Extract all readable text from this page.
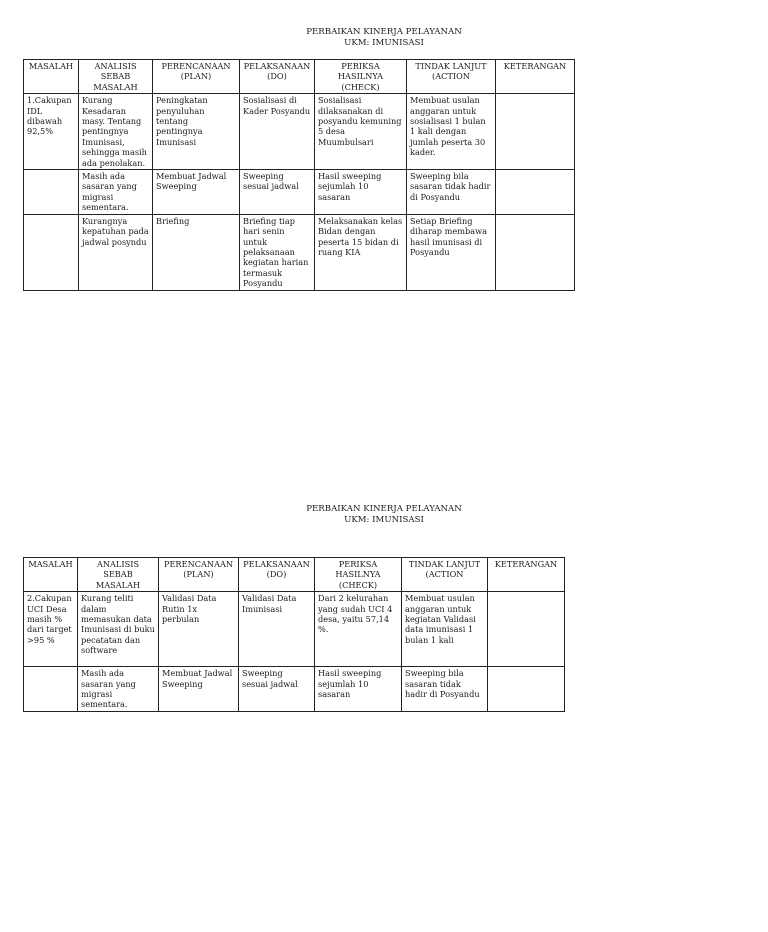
PERBAIKAN KINERJA PELAYANAN
UKM: IMUNISASI
MASALAH	ANALISIS SEBAB MASALAH	PERENCANAAN (PLAN)	PELAKSANAAN (DO)	PERIKSA HASILNYA (CHECK)	TINDAK LANJUT (ACTION	KETERANGAN
1.Cakupan IDL dibawah 92,5%	Kurang Kesadaran masy. Tentang pentingnya Imunisasi, sehingga masih ada penolakan.	Peningkatan penyuluhan tentang pentingnya Imunisasi	Sosialisasi di Kader Posyandu	Sosialisasi dilaksanakan di posyandu kemuning 5 desa Muumbulsari	Membuat usulan anggaran untuk sosialisasi 1 bulan 1 kali dengan jumlah peserta 30 kader.	
	Masih ada sasaran yang migrasi sementara.	Membuat Jadwal Sweeping	Sweeping sesuai jadwal	Hasil sweeping sejumlah 10 sasaran	Sweeping bila sasaran tidak hadir di Posyandu	
	Kurangnya kepatuhan pada jadwal posyndu	Briefing	Briefing tiap hari senin untuk pelaksanaan kegiatan harian termasuk Posyandu	Melaksanakan kelas Bidan dengan peserta 15 bidan di ruang KIA	Setiap Briefing diharap membawa hasil imunisasi di Posyandu	
PERBAIKAN KINERJA PELAYANAN
UKM: IMUNISASI
MASALAH	ANALISIS SEBAB MASALAH	PERENCANAAN (PLAN)	PELAKSANAAN (DO)	PERIKSA HASILNYA (CHECK)	TINDAK LANJUT (ACTION	KETERANGAN
2.Cakupan UCI Desa masih % dari target >95 %	Kurang teliti dalam memasukan data Imunisasi di buku pecatatan dan software	Validasi Data Rutin 1x perbulan	Validasi Data Imunisasi	Dari 2 kelurahan yang sudah UCI 4 desa, yaitu 57,14 %.	Membuat usulan anggaran untuk kegiatan Validasi data imunisasi 1 bulan 1 kali	
	Masih ada sasaran yang migrasi sementara.	Membuat Jadwal Sweeping	Sweeping sesuai jadwal	Hasil sweeping sejumlah 10 sasaran	Sweeping bila sasaran tidak hadir di Posyandu	
